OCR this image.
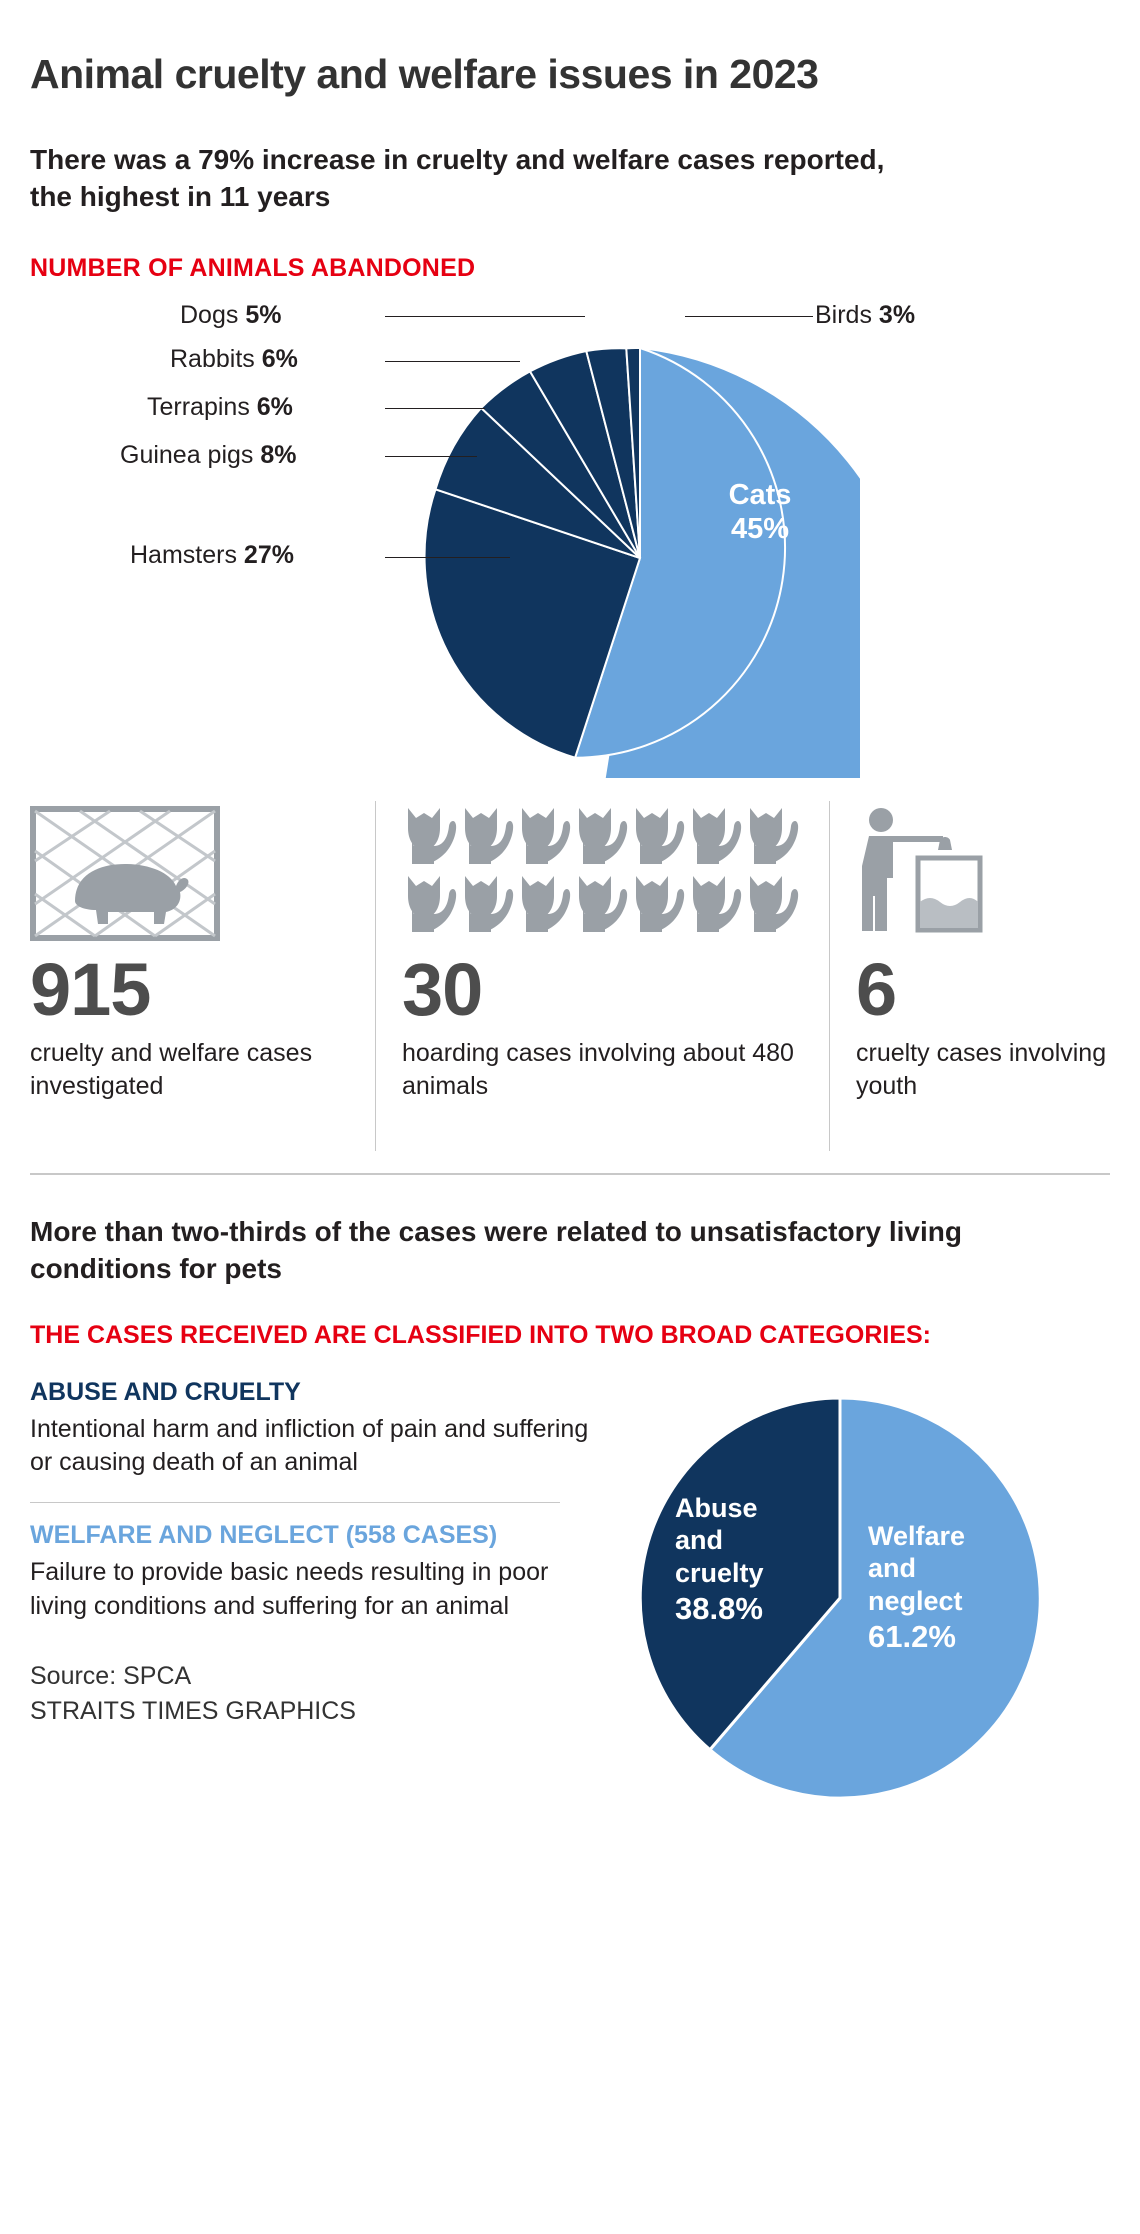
Animal cruelty and welfare issues in 2023
There was a 79% increase in cruelty and welfare cases reported, the highest in 11 years
NUMBER OF ANIMALS ABANDONED
Dogs 5%
Rabbits 6%
Terrapins 6%
Guinea pigs 8%
Hamsters 27%
Birds 3%
Cats
45%
915
cruelty and welfare cases investigated
30
hoarding cases involving about 480 animals
6
cruelty cases involving youth
More than two-thirds of the cases were related to unsatisfactory living conditions for pets
THE CASES RECEIVED ARE CLASSIFIED INTO TWO BROAD CATEGORIES:
ABUSE AND CRUELTY
Intentional harm and infliction of pain and suffering or causing death of an animal
WELFARE AND NEGLECT (558 CASES)
Failure to provide basic needs resulting in poor living conditions and suffering for an animal
Source: SPCA
STRAITS TIMES GRAPHICS
Abuse
and
cruelty
38.8%
Welfare
and
neglect
61.2%
